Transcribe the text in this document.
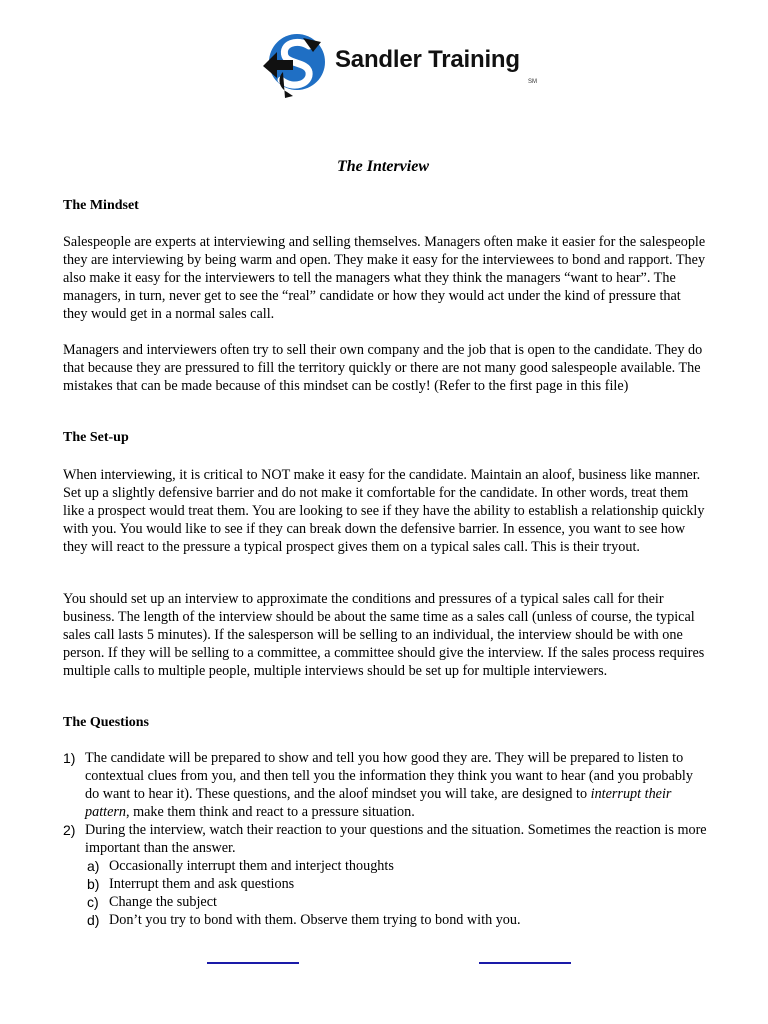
Sandler Training
SM
The Interview
The Mindset

Salespeople are experts at interviewing and selling themselves. Managers often make it easier for the salespeople they are interviewing by being warm and open. They make it easy for the interviewees to bond and rapport. They also make it easy for the interviewers to tell the managers what they think the managers “want to hear”. The managers, in turn, never get to see the “real” candidate or how they would act under the kind of pressure that they would get in a normal sales call.

Managers and interviewers often try to sell their own company and the job that is open to the candidate. They do that because they are pressured to fill the territory quickly or there are not many good salespeople available. The mistakes that can be made because of this mindset can be costly! (Refer to the first page in this file)

The Set-up

When interviewing, it is critical to NOT make it easy for the candidate. Maintain an aloof, business like manner. Set up a slightly defensive barrier and do not make it comfortable for the candidate. In other words, treat them like a prospect would treat them. You are looking to see if they have the ability to establish a relationship quickly with you. You would like to see if they can break down the defensive barrier. In essence, you want to see how they will react to the pressure a typical prospect gives them on a typical sales call. This is their tryout.

You should set up an interview to approximate the conditions and pressures of a typical sales call for their business. The length of the interview should be about the same time as a sales call (unless of course, the typical sales call lasts 5 minutes). If the salesperson will be selling to an individual, the interview should be with one person. If they will be selling to a committee, a committee should give the interview. If the sales process requires multiple calls to multiple people, multiple interviews should be set up for multiple interviewers.

The Questions
1) The candidate will be prepared to show and tell you how good they are. They will be prepared to listen to contextual clues from you, and then tell you the information they think you want to hear (and you probably do want to hear it). These questions, and the aloof mindset you will take, are designed to interrupt their pattern, make them think and react to a pressure situation.
2) During the interview, watch their reaction to your questions and the situation. Sometimes the reaction is more important than the answer.
a) Occasionally interrupt them and interject thoughts
b) Interrupt them and ask questions
c) Change the subject
d) Don’t you try to bond with them. Observe them trying to bond with you.
